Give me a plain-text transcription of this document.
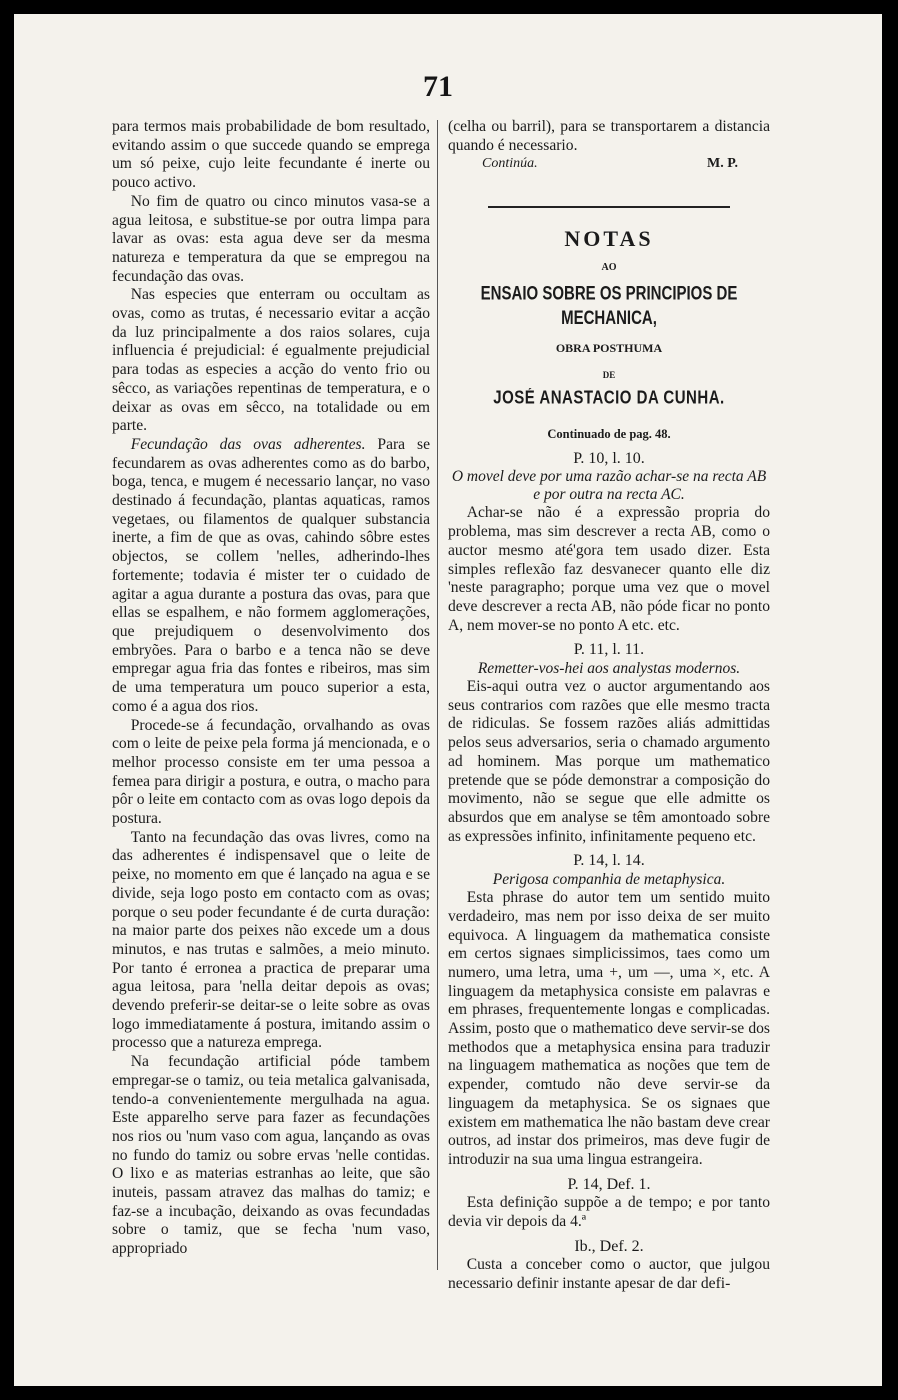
71

para termos mais probabilidade de bom resultado, evitando assim o que succede quando se emprega um só peixe, cujo leite fecundante é inerte ou pouco activo.

No fim de quatro ou cinco minutos vasa-se a agua leitosa, e substitue-se por outra limpa para lavar as ovas: esta agua deve ser da mesma natureza e temperatura da que se empregou na fecundação das ovas.

Nas especies que enterram ou occultam as ovas, como as trutas, é necessario evitar a acção da luz principalmente a dos raios solares, cuja influencia é prejudicial: é egualmente prejudicial para todas as especies a acção do vento frio ou sêcco, as variações repentinas de temperatura, e o deixar as ovas em sêcco, na totalidade ou em parte.

Fecundação das ovas adherentes. Para se fecundarem as ovas adherentes como as do barbo, boga, tenca, e mugem é necessario lançar, no vaso destinado á fecundação, plantas aquaticas, ramos vegetaes, ou filamentos de qualquer substancia inerte, a fim de que as ovas, cahindo sôbre estes objectos, se collem 'nelles, adherindo-lhes fortemente; todavia é mister ter o cuidado de agitar a agua durante a postura das ovas, para que ellas se espalhem, e não formem agglomerações, que prejudiquem o desenvolvimento dos embryões. Para o barbo e a tenca não se deve empregar agua fria das fontes e ribeiros, mas sim de uma temperatura um pouco superior a esta, como é a agua dos rios.

Procede-se á fecundação, orvalhando as ovas com o leite de peixe pela forma já mencionada, e o melhor processo consiste em ter uma pessoa a femea para dirigir a postura, e outra, o macho para pôr o leite em contacto com as ovas logo depois da postura.

Tanto na fecundação das ovas livres, como na das adherentes é indispensavel que o leite de peixe, no momento em que é lançado na agua e se divide, seja logo posto em contacto com as ovas; porque o seu poder fecundante é de curta duração: na maior parte dos peixes não excede um a dous minutos, e nas trutas e salmões, a meio minuto. Por tanto é erronea a practica de preparar uma agua leitosa, para 'nella deitar depois as ovas; devendo preferir-se deitar-se o leite sobre as ovas logo immediatamente á postura, imitando assim o processo que a natureza emprega.

Na fecundação artificial póde tambem empregar-se o tamiz, ou teia metalica galvanisada, tendo-a convenientemente mergulhada na agua. Este apparelho serve para fazer as fecundações nos rios ou 'num vaso com agua, lançando as ovas no fundo do tamiz ou sobre ervas 'nelle contidas. O lixo e as materias estranhas ao leite, que são inuteis, passam atravez das malhas do tamiz; e faz-se a incubação, deixando as ovas fecundadas sobre o tamiz, que se fecha 'num vaso, appropriado

(celha ou barril), para se transportarem a distancia quando é necessario.

Continúa.	M. P.
NOTAS
AO
ENSAIO SOBRE OS PRINCIPIOS DE MECHANICA,
OBRA POSTHUMA
DE
JOSÉ ANASTACIO DA CUNHA.
Continuado de pag. 48.
P. 10, l. 10.
O movel deve por uma razão achar-se na recta AB e por outra na recta AC.

Achar-se não é a expressão propria do problema, mas sim descrever a recta AB, como o auctor mesmo até'gora tem usado dizer. Esta simples reflexão faz desvanecer quanto elle diz 'neste paragrapho; porque uma vez que o movel deve descrever a recta AB, não póde ficar no ponto A, nem mover-se no ponto A etc. etc.

P. 11, l. 11.
Remetter-vos-hei aos analystas modernos.

Eis-aqui outra vez o auctor argumentando aos seus contrarios com razões que elle mesmo tracta de ridiculas. Se fossem razões aliás admittidas pelos seus adversarios, seria o chamado argumento ad hominem. Mas porque um mathematico pretende que se póde demonstrar a composição do movimento, não se segue que elle admitte os absurdos que em analyse se têm amontoado sobre as expressões infinito, infinitamente pequeno etc.

P. 14, l. 14.
Perigosa companhia de metaphysica.

Esta phrase do autor tem um sentido muito verdadeiro, mas nem por isso deixa de ser muito equivoca. A linguagem da mathematica consiste em certos signaes simplicissimos, taes como um numero, uma letra, uma +, um —, uma ×, etc. A linguagem da metaphysica consiste em palavras e em phrases, frequentemente longas e complicadas. Assim, posto que o mathematico deve servir-se dos methodos que a metaphysica ensina para traduzir na linguagem mathematica as noções que tem de expender, comtudo não deve servir-se da linguagem da metaphysica. Se os signaes que existem em mathematica lhe não bastam deve crear outros, ad instar dos primeiros, mas deve fugir de introduzir na sua uma lingua estrangeira.

P. 14, Def. 1.

Esta definição suppõe a de tempo; e por tanto devia vir depois da 4.ª

Ib., Def. 2.

Custa a conceber como o auctor, que julgou necessario definir instante apesar de dar defi-
